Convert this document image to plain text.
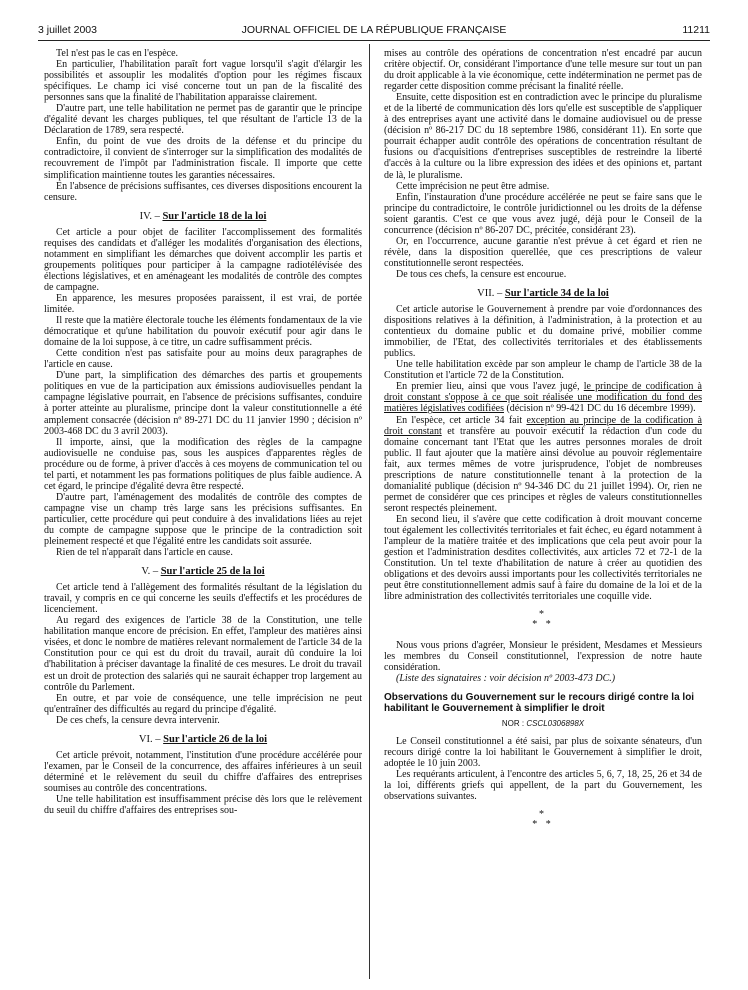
3 juillet 2003	JOURNAL OFFICIEL DE LA RÉPUBLIQUE FRANÇAISE	11211

Tel n'est pas le cas en l'espèce.

En particulier, l'habilitation paraît fort vague lorsqu'il s'agit d'élargir les possibilités et assouplir les modalités d'option pour les régimes fiscaux spécifiques. Le champ ici visé concerne tout un pan de la fiscalité des personnes sans que la finalité de l'habilitation apparaisse clairement.

D'autre part, une telle habilitation ne permet pas de garantir que le principe d'égalité devant les charges publiques, tel que résultant de l'article 13 de la Déclaration de 1789, sera respecté.

Enfin, du point de vue des droits de la défense et du principe du contradictoire, il convient de s'interroger sur la simplification des modalités de recouvrement de l'impôt par l'administration fiscale. Il importe que cette simplification maintienne toutes les garanties nécessaires.

En l'absence de précisions suffisantes, ces diverses dispositions encourent la censure.

IV. – Sur l'article 18 de la loi

Cet article a pour objet de faciliter l'accomplissement des formalités requises des candidats et d'alléger les modalités d'organisation des élections, notamment en simplifiant les démarches que doivent accomplir les partis et groupements politiques pour participer à la campagne radiotélévisée des élections législatives, et en aménageant les modalités de contrôle des comptes de campagne.

En apparence, les mesures proposées paraissent, il est vrai, de portée limitée.

Il reste que la matière électorale touche les éléments fondamentaux de la vie démocratique et qu'une habilitation du pouvoir exécutif pour agir dans le domaine de la loi suppose, à ce titre, un cadre suffisamment précis.

Cette condition n'est pas satisfaite pour au moins deux paragraphes de l'article en cause.

D'une part, la simplification des démarches des partis et groupements politiques en vue de la participation aux émissions audiovisuelles pendant la campagne législative pourrait, en l'absence de précisions suffisantes, conduire à porter atteinte au pluralisme, principe dont la valeur constitutionnelle a été amplement consacrée (décision nº 89-271 DC du 11 janvier 1990 ; décision nº 2003-468 DC du 3 avril 2003).

Il importe, ainsi, que la modification des règles de la campagne audiovisuelle ne conduise pas, sous les auspices d'apparentes règles de procédure ou de forme, à priver d'accès à ces moyens de communication tel ou tel parti, et notamment les pas formations politiques de plus faible audience. A cet égard, le principe d'égalité devra être respecté.

D'autre part, l'aménagement des modalités de contrôle des comptes de campagne vise un champ très large sans les précisions suffisantes. En particulier, cette procédure qui peut conduire à des invalidations liées au rejet du compte de campagne suppose que le principe de la contradiction soit pleinement respecté et que l'égalité entre les candidats soit assurée.

Rien de tel n'apparaît dans l'article en cause.

V. – Sur l'article 25 de la loi

Cet article tend à l'allègement des formalités résultant de la législation du travail, y compris en ce qui concerne les seuils d'effectifs et les procédures de licenciement.

Au regard des exigences de l'article 38 de la Constitution, une telle habilitation manque encore de précision. En effet, l'ampleur des matières ainsi visées, et donc le nombre de matières relevant normalement de l'article 34 de la Constitution pour ce qui est du droit du travail, aurait dû conduire la loi d'habilitation à préciser davantage la finalité de ces mesures. Le droit du travail est un droit de protection des salariés qui ne saurait échapper trop largement au contrôle du Parlement.

En outre, et par voie de conséquence, une telle imprécision ne peut qu'entraîner des difficultés au regard du principe d'égalité.

De ces chefs, la censure devra intervenir.

VI. – Sur l'article 26 de la loi

Cet article prévoit, notamment, l'institution d'une procédure accélérée pour l'examen, par le Conseil de la concurrence, des affaires inférieures à un seuil déterminé et le relèvement du seuil du chiffre d'affaires des entreprises soumises au contrôle des concentrations.

Une telle habilitation est insuffisamment précise dès lors que le relèvement du seuil du chiffre d'affaires des entreprises sou-

mises au contrôle des opérations de concentration n'est encadré par aucun critère objectif. Or, considérant l'importance d'une telle mesure sur tout un pan du droit applicable à la vie économique, cette indétermination ne permet pas de regarder cette disposition comme précisant la finalité réelle.

Ensuite, cette disposition est en contradiction avec le principe du pluralisme et de la liberté de communication dès lors qu'elle est susceptible de s'appliquer à des entreprises ayant une activité dans le domaine audiovisuel ou de presse (décision nº 86-217 DC du 18 septembre 1986, considérant 11). En sorte que pourrait échapper audit contrôle des opérations de concentration résultant de fusions ou d'acquisitions d'entreprises susceptibles de restreindre la liberté d'accès à la culture ou la libre expression des idées et des opinions et, partant de là, le pluralisme.

Cette imprécision ne peut être admise.

Enfin, l'instauration d'une procédure accélérée ne peut se faire sans que le principe du contradictoire, le contrôle juridictionnel ou les droits de la défense soient garantis. C'est ce que vous avez jugé, déjà pour le Conseil de la concurrence (décision nº 86-207 DC, précitée, considérant 23).

Or, en l'occurrence, aucune garantie n'est prévue à cet égard et rien ne révèle, dans la disposition querellée, que ces prescriptions de valeur constitutionnelle seront respectées.

De tous ces chefs, la censure est encourue.

VII. – Sur l'article 34 de la loi

Cet article autorise le Gouvernement à prendre par voie d'ordonnances des dispositions relatives à la définition, à l'administration, à la protection et au contentieux du domaine public et du domaine privé, mobilier comme immobilier, de l'Etat, des collectivités territoriales et des établissements publics.

Une telle habilitation excède par son ampleur le champ de l'article 38 de la Constitution et l'article 72 de la Constitution.

En premier lieu, ainsi que vous l'avez jugé, le principe de codification à droit constant s'oppose à ce que soit réalisée une modification du fond des matières législatives codifiées (décision nº 99-421 DC du 16 décembre 1999).

En l'espèce, cet article 34 fait exception au principe de la codification à droit constant et transfère au pouvoir exécutif la rédaction d'un code du domaine concernant tant l'Etat que les autres personnes morales de droit public. Il faut ajouter que la matière ainsi dévolue au pouvoir réglementaire fait, aux termes mêmes de votre jurisprudence, l'objet de nombreuses prescriptions de nature constitutionnelle tenant à la protection de la domanialité publique (décision nº 94-346 DC du 21 juillet 1994). Or, rien ne permet de considérer que ces principes et règles de valeurs constitutionnelles seront respectés pleinement.

En second lieu, il s'avère que cette codification à droit mouvant concerne tout également les collectivités territoriales et fait échec, eu égard notamment à l'ampleur de la matière traitée et des implications que cela peut avoir pour la gestion et l'administration desdites collectivités, aux articles 72 et 72-1 de la Constitution. Un tel texte d'habilitation de nature à créer au quotidien des obligations et des devoirs aussi importants pour les collectivités territoriales ne peut être constitutionnellement admis sauf à faire du domaine de la loi et de la libre administration des collectivités territoriales une coquille vide.

*
* *

Nous vous prions d'agréer, Monsieur le président, Mesdames et Messieurs les membres du Conseil constitutionnel, l'expression de notre haute considération.

(Liste des signataires : voir décision nº 2003-473 DC.)

Observations du Gouvernement sur le recours dirigé contre la loi habilitant le Gouvernement à simplifier le droit
NOR : CSCL0306898X

Le Conseil constitutionnel a été saisi, par plus de soixante sénateurs, d'un recours dirigé contre la loi habilitant le Gouvernement à simplifier le droit, adoptée le 10 juin 2003.

Les requérants articulent, à l'encontre des articles 5, 6, 7, 18, 25, 26 et 34 de la loi, différents griefs qui appellent, de la part du Gouvernement, les observations suivantes.

*
* *
